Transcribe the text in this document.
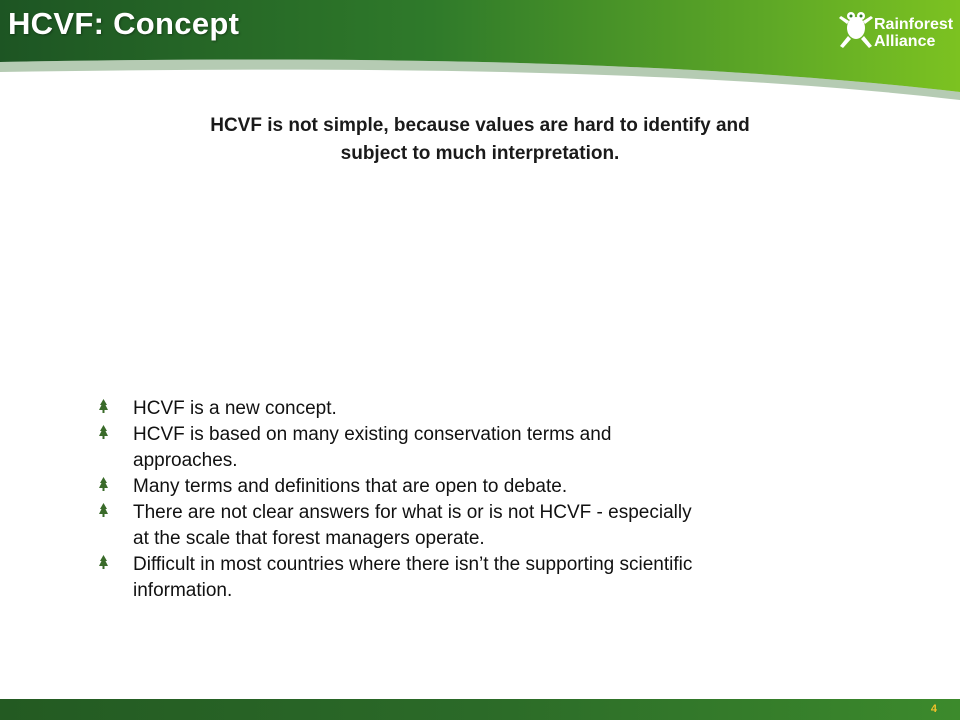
HCVF: Concept	Rainforest
Alliance
HCVF is not simple, because values are hard to identify and
subject to much interpretation.
HCVF is a new concept.
HCVF is based on many existing conservation terms and
approaches.
Many terms and definitions that are open to debate.
There are not clear answers for what is or is not HCVF - especially
at the scale that forest managers operate.
Difficult in most countries where there isn’t the supporting scientific
information.
4
